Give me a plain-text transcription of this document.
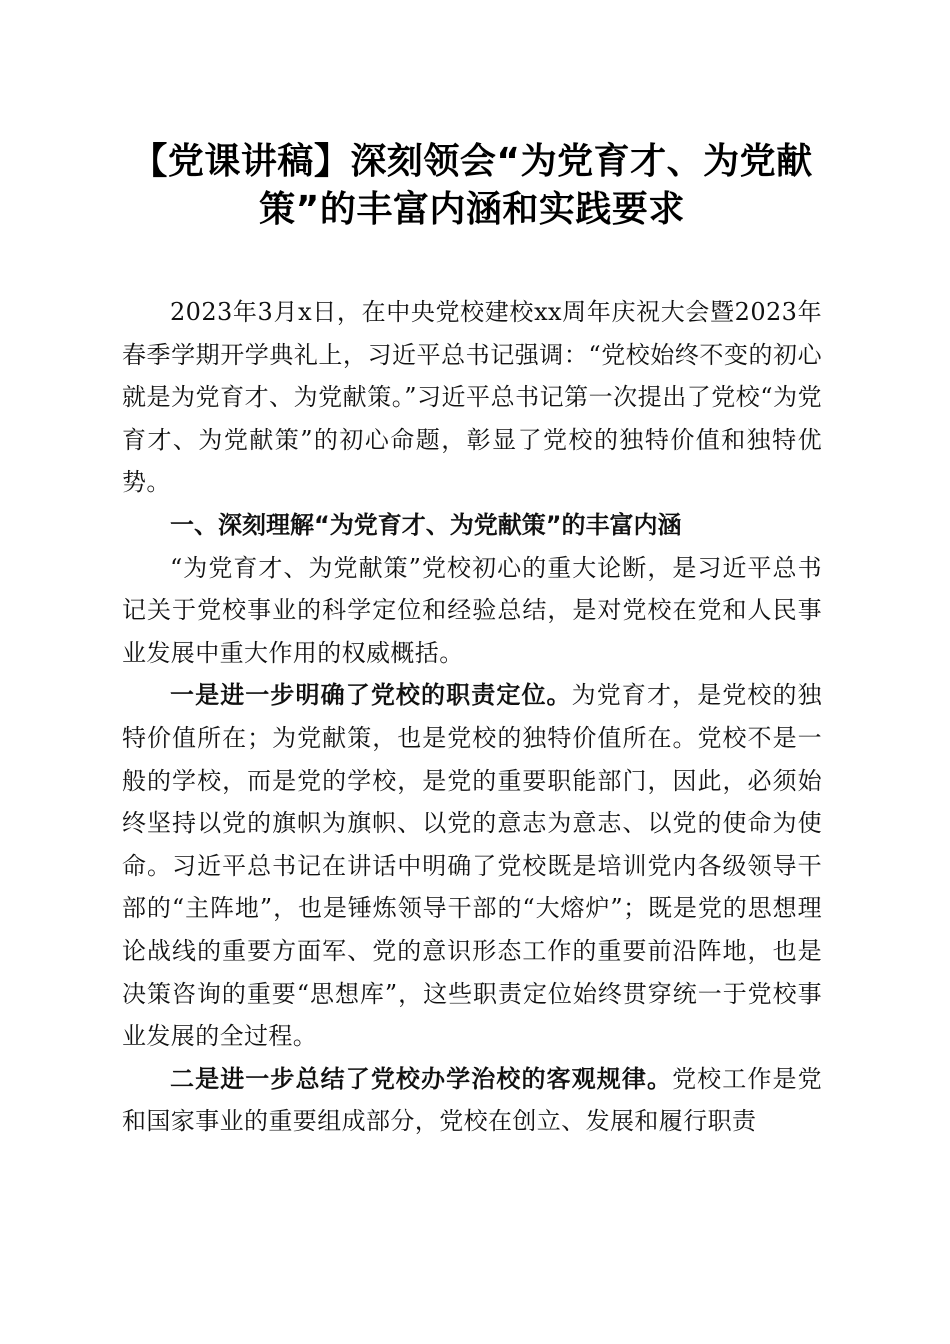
【党课讲稿】深刻领会“为党育才、为党献
策”的丰富内涵和实践要求

2023年3月x日，在中央党校建校xx周年庆祝大会暨2023年春季学期开学典礼上，习近平总书记强调：“党校始终不变的初心就是为党育才、为党献策。”习近平总书记第一次提出了党校“为党育才、为党献策”的初心命题，彰显了党校的独特价值和独特优势。

一、深刻理解“为党育才、为党献策”的丰富内涵

“为党育才、为党献策”党校初心的重大论断，是习近平总书记关于党校事业的科学定位和经验总结，是对党校在党和人民事业发展中重大作用的权威概括。

一是进一步明确了党校的职责定位。为党育才，是党校的独特价值所在；为党献策，也是党校的独特价值所在。党校不是一般的学校，而是党的学校，是党的重要职能部门，因此，必须始终坚持以党的旗帜为旗帜、以党的意志为意志、以党的使命为使命。习近平总书记在讲话中明确了党校既是培训党内各级领导干部的“主阵地”，也是锤炼领导干部的“大熔炉”；既是党的思想理论战线的重要方面军、党的意识形态工作的重要前沿阵地，也是决策咨询的重要“思想库”，这些职责定位始终贯穿统一于党校事业发展的全过程。

二是进一步总结了党校办学治校的客观规律。党校工作是党和国家事业的重要组成部分，党校在创立、发展和履行职责
